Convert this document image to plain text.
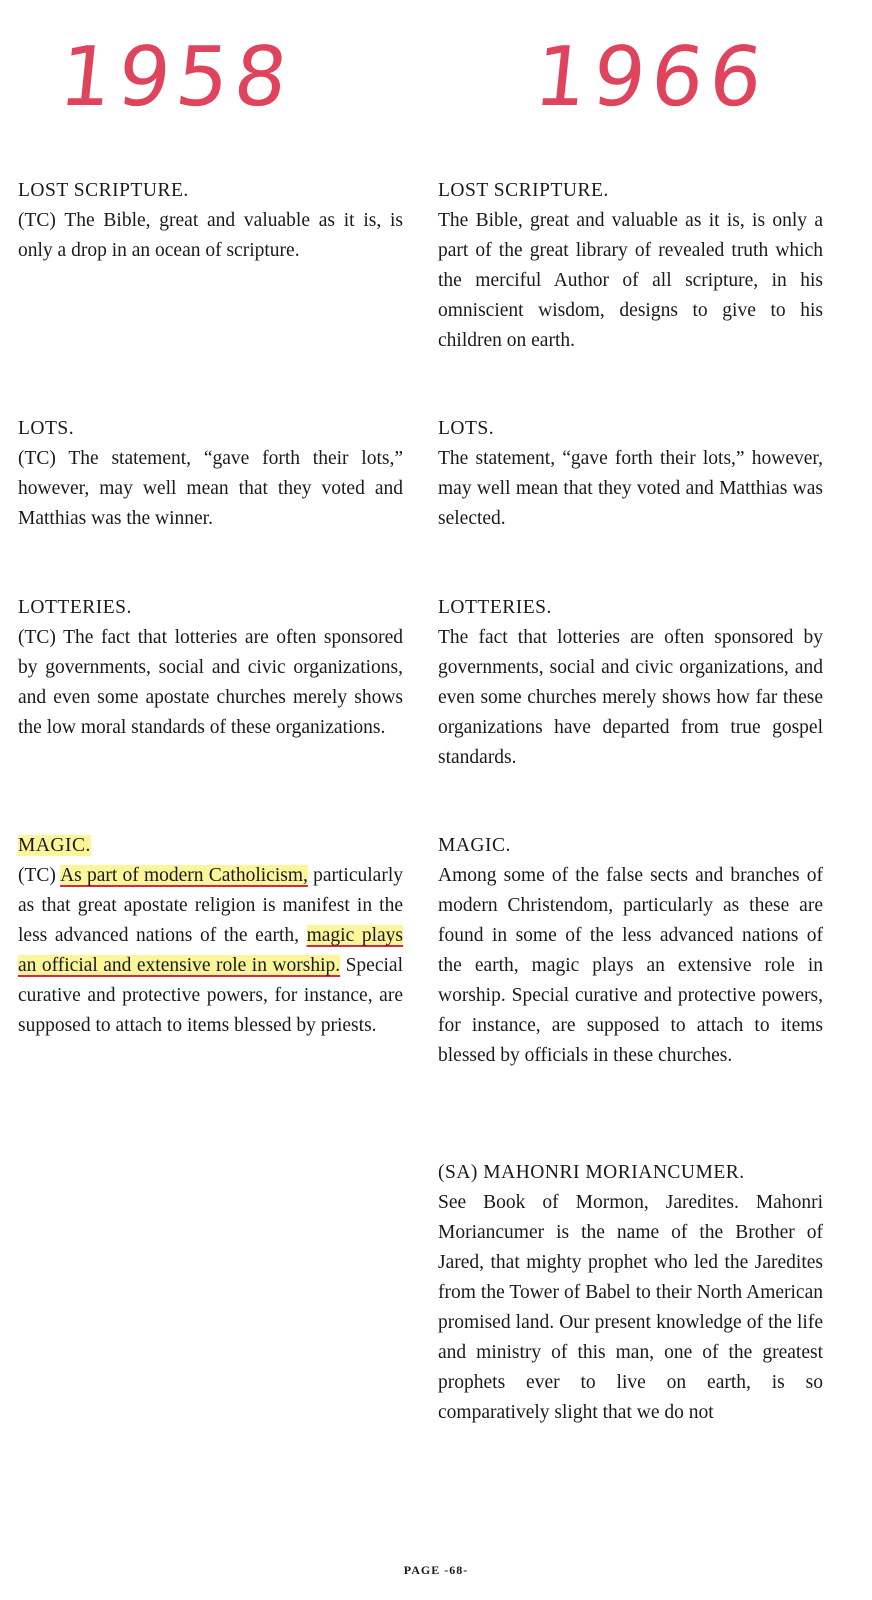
1958	1966
LOST SCRIPTURE.

(TC) The Bible, great and valuable as it is, is only a drop in an ocean of scripture.

LOTS.

(TC) The statement, “gave forth their lots,” however, may well mean that they voted and Matthias was the winner.

LOTTERIES.

(TC) The fact that lotteries are often sponsored by governments, social and civic organizations, and even some apostate churches merely shows the low moral standards of these organizations.

MAGIC.

(TC) As part of modern Catholicism, particularly as that great apostate religion is manifest in the less advanced nations of the earth, magic plays an official and extensive role in worship. Special curative and protective powers, for instance, are supposed to attach to items blessed by priests.

LOST SCRIPTURE.

The Bible, great and valuable as it is, is only a part of the great library of revealed truth which the merciful Author of all scripture, in his omniscient wisdom, designs to give to his children on earth.

LOTS.

The statement, “gave forth their lots,” however, may well mean that they voted and Matthias was selected.

LOTTERIES.

The fact that lotteries are often sponsored by governments, social and civic organizations, and even some churches merely shows how far these organizations have departed from true gospel standards.

MAGIC.

Among some of the false sects and branches of modern Christendom, particularly as these are found in some of the less advanced nations of the earth, magic plays an extensive role in worship. Special curative and protective powers, for instance, are supposed to attach to items blessed by officials in these churches.

(SA) MAHONRI MORIANCUMER.

See Book of Mormon, Jaredites. Mahonri Moriancumer is the name of the Brother of Jared, that mighty prophet who led the Jaredites from the Tower of Babel to their North American promised land. Our present knowledge of the life and ministry of this man, one of the greatest prophets ever to live on earth, is so comparatively slight that we do not

PAGE -68-
